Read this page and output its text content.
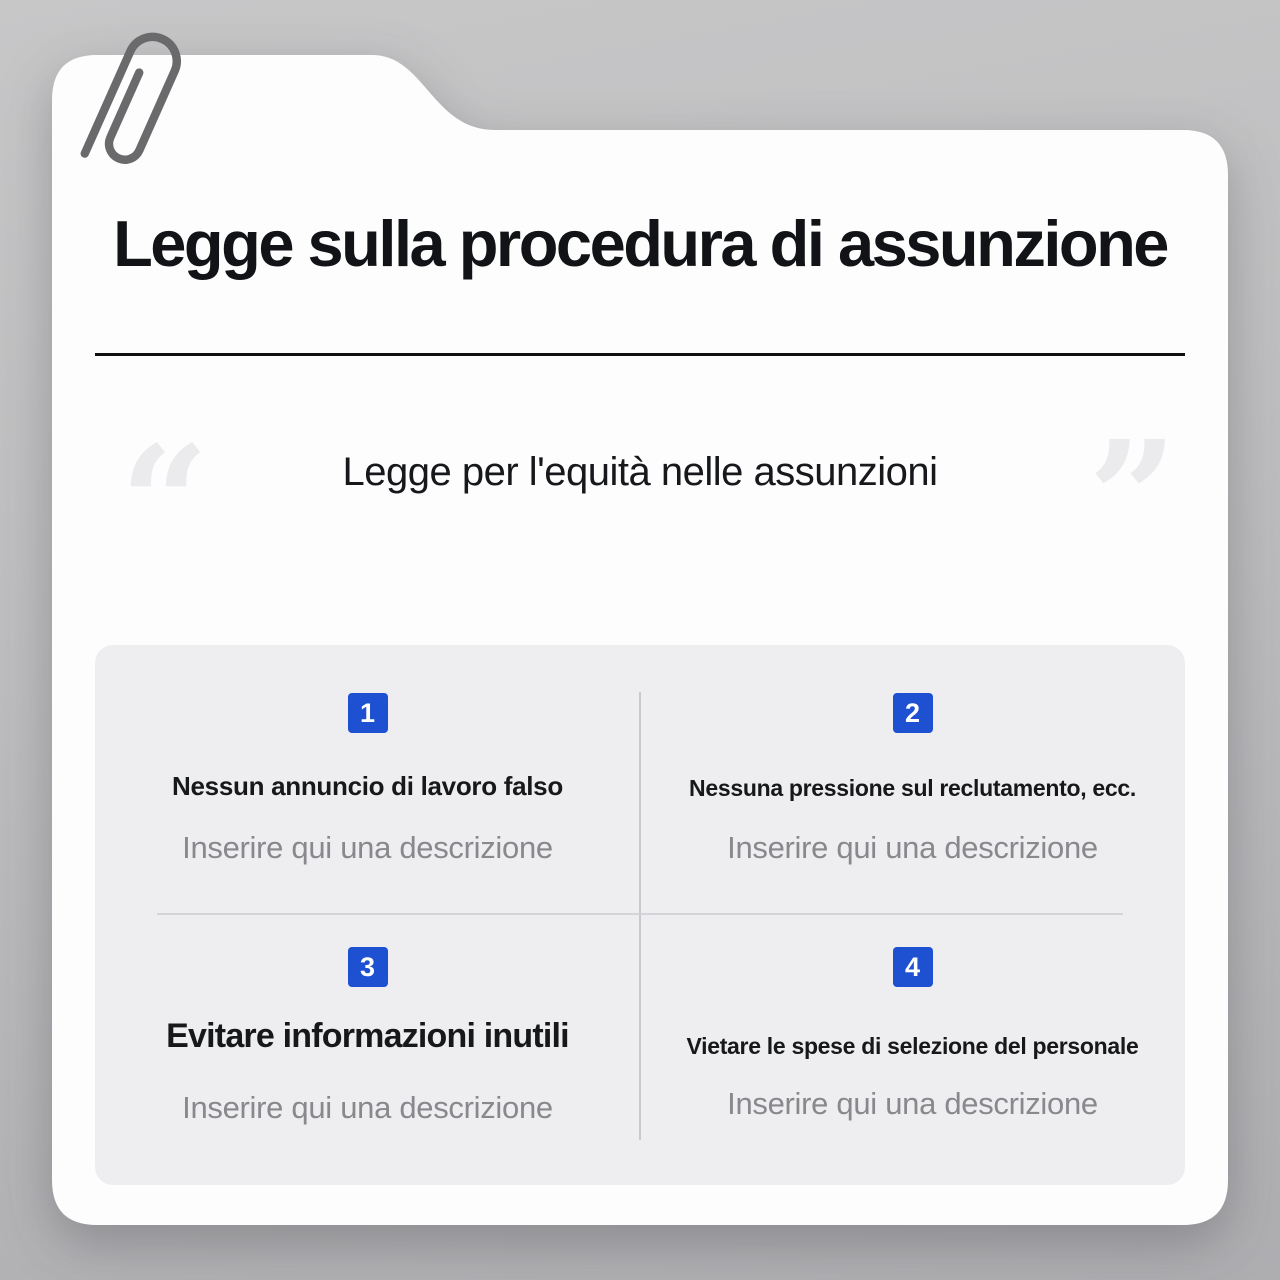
Legge sulla procedura di assunzione
“	Legge per l'equità nelle assunzioni ”
1
Nessun annuncio di lavoro falso
Inserire qui una descrizione
2
Nessuna pressione sul reclutamento, ecc.
Inserire qui una descrizione
3
Evitare informazioni inutili
Inserire qui una descrizione
4
Vietare le spese di selezione del personale
Inserire qui una descrizione
